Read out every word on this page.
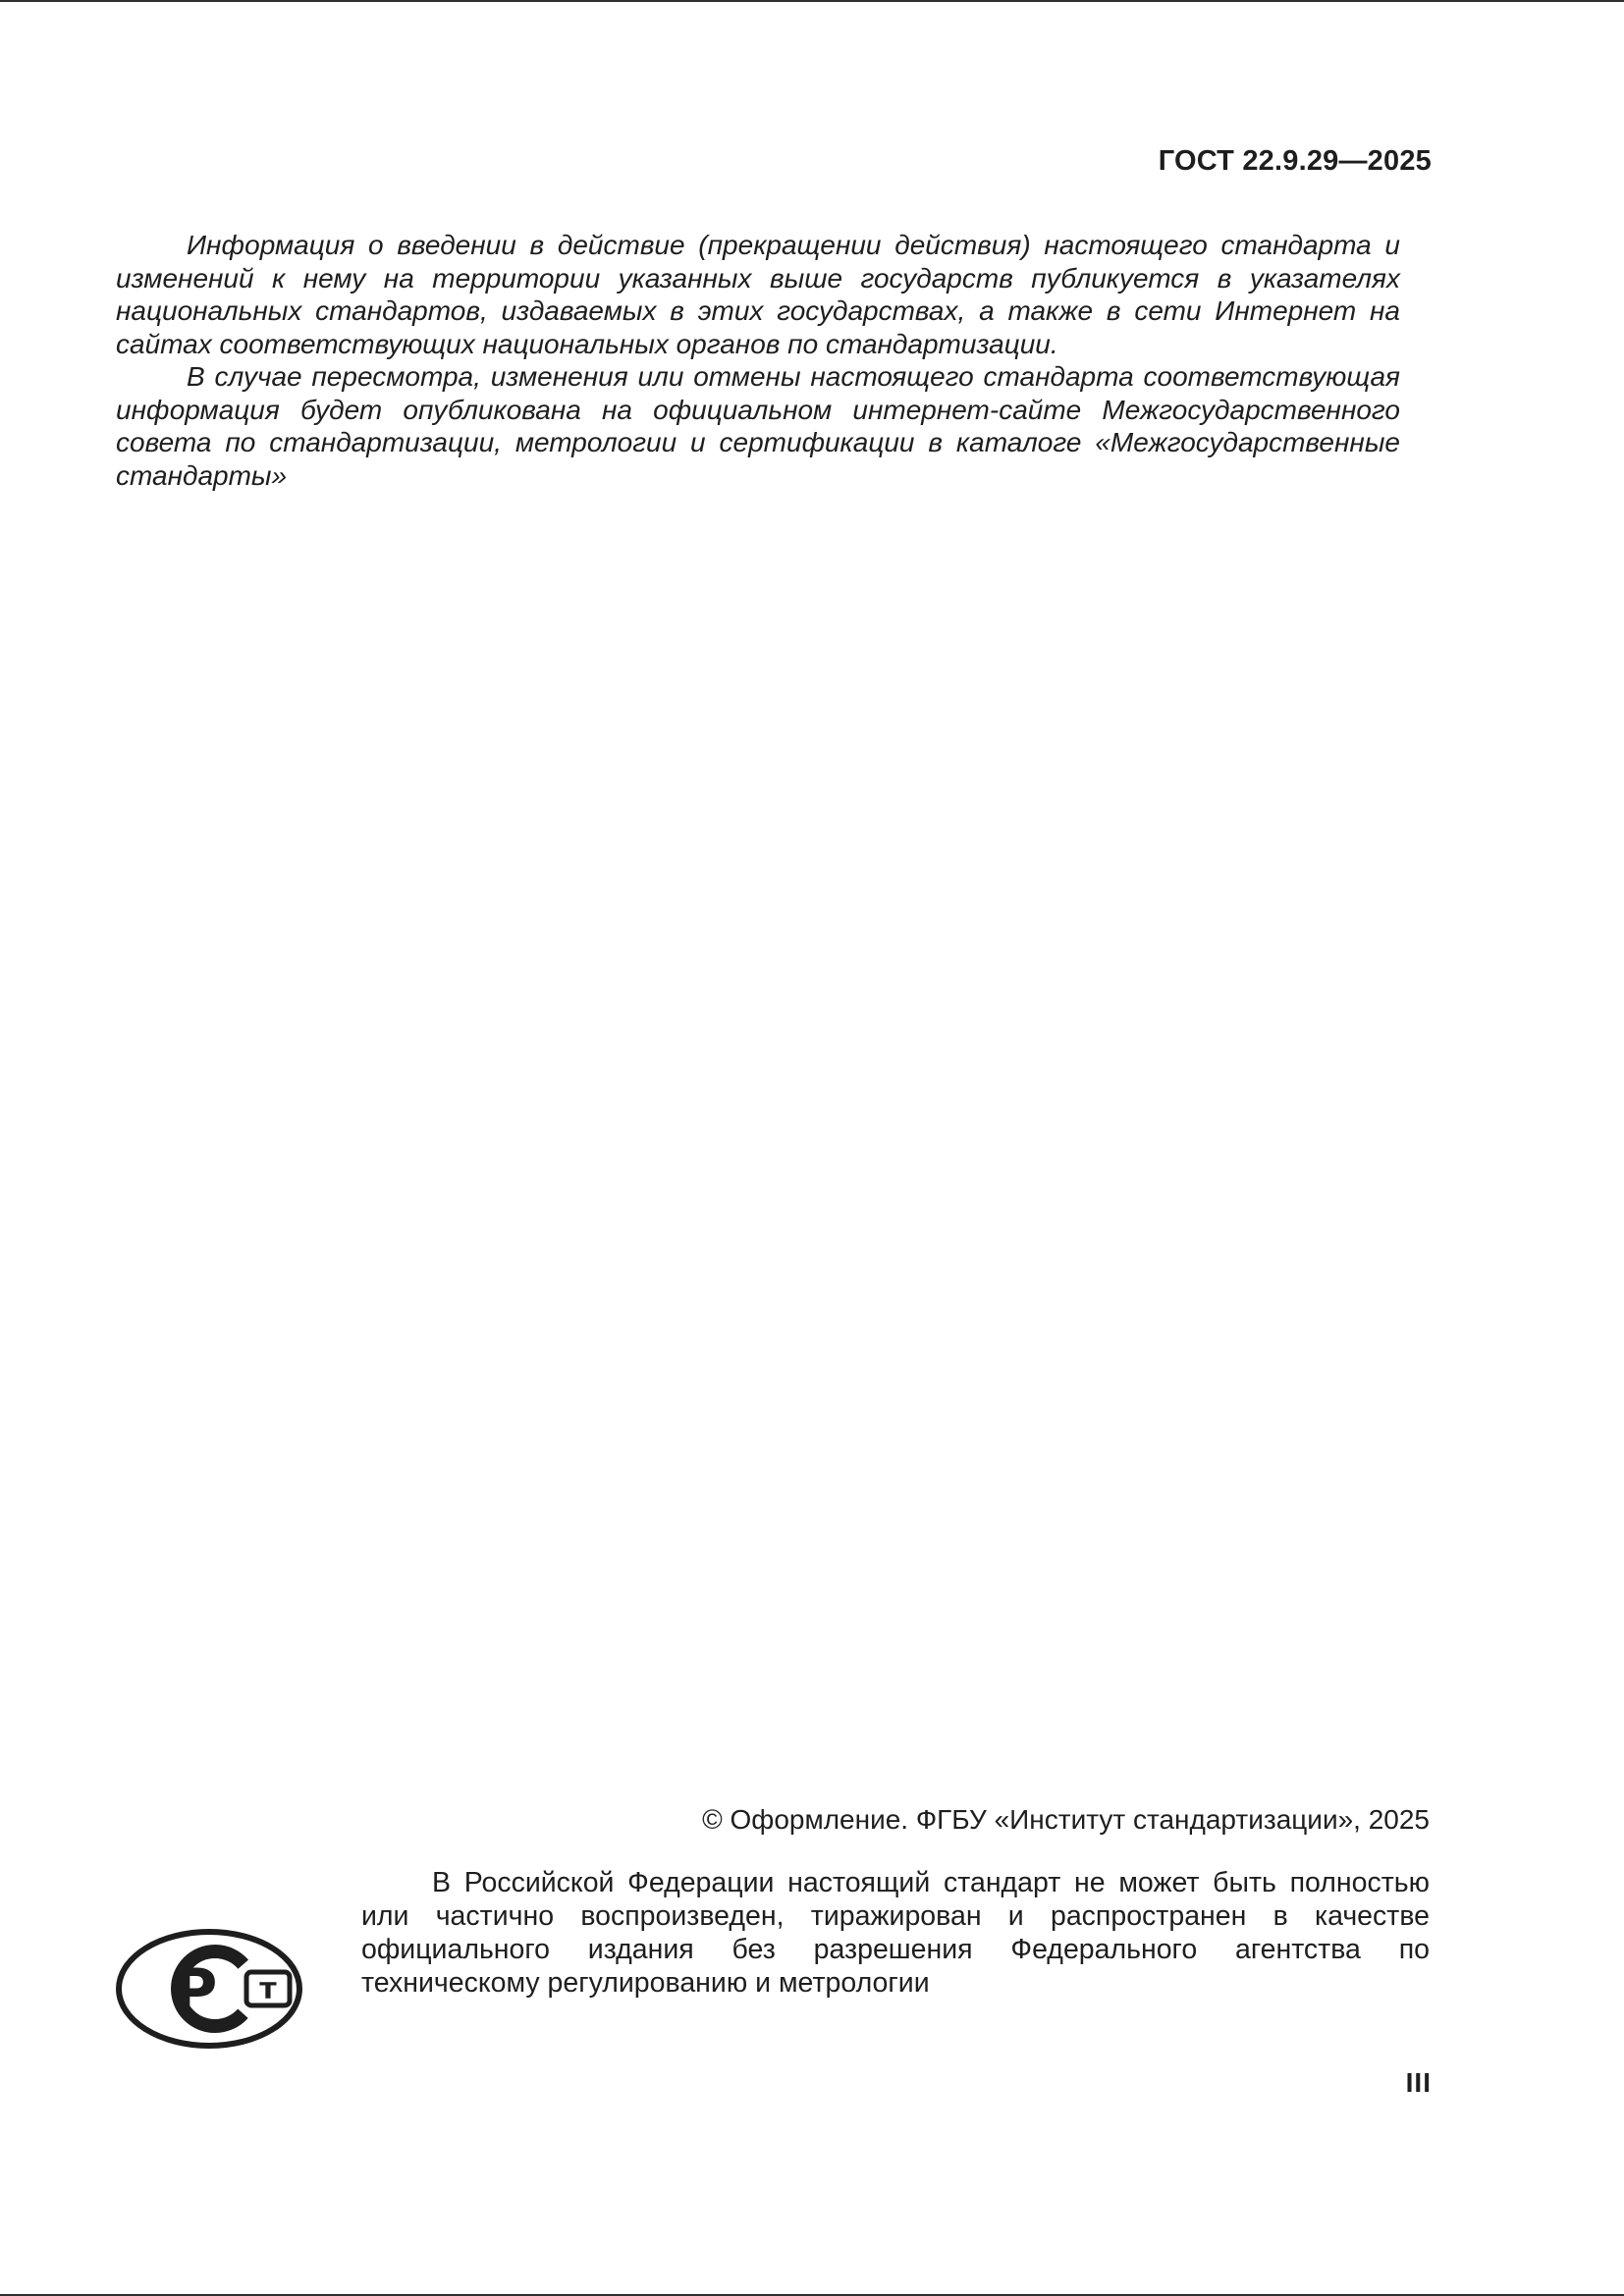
ГОСТ 22.9.29—2025

Информация о введении в действие (прекращении действия) настоящего стандарта и изменений к нему на территории указанных выше государств публикуется в указателях национальных стандартов, издаваемых в этих государствах, а также в сети Интернет на сайтах соответствующих национальных органов по стандартизации.

В случае пересмотра, изменения или отмены настоящего стандарта соответствующая информация будет опубликована на официальном интернет-сайте Межгосударственного совета по стандартизации, метрологии и сертификации в каталоге «Межгосударственные стандарты»

© Оформление. ФГБУ «Институт стандартизации», 2025

В Российской Федерации настоящий стандарт не может быть полностью или частично воспроизведен, тиражирован и распространен в качестве официального издания без разрешения Федерального агентства по техническому регулированию и метрологии

Р т
III
